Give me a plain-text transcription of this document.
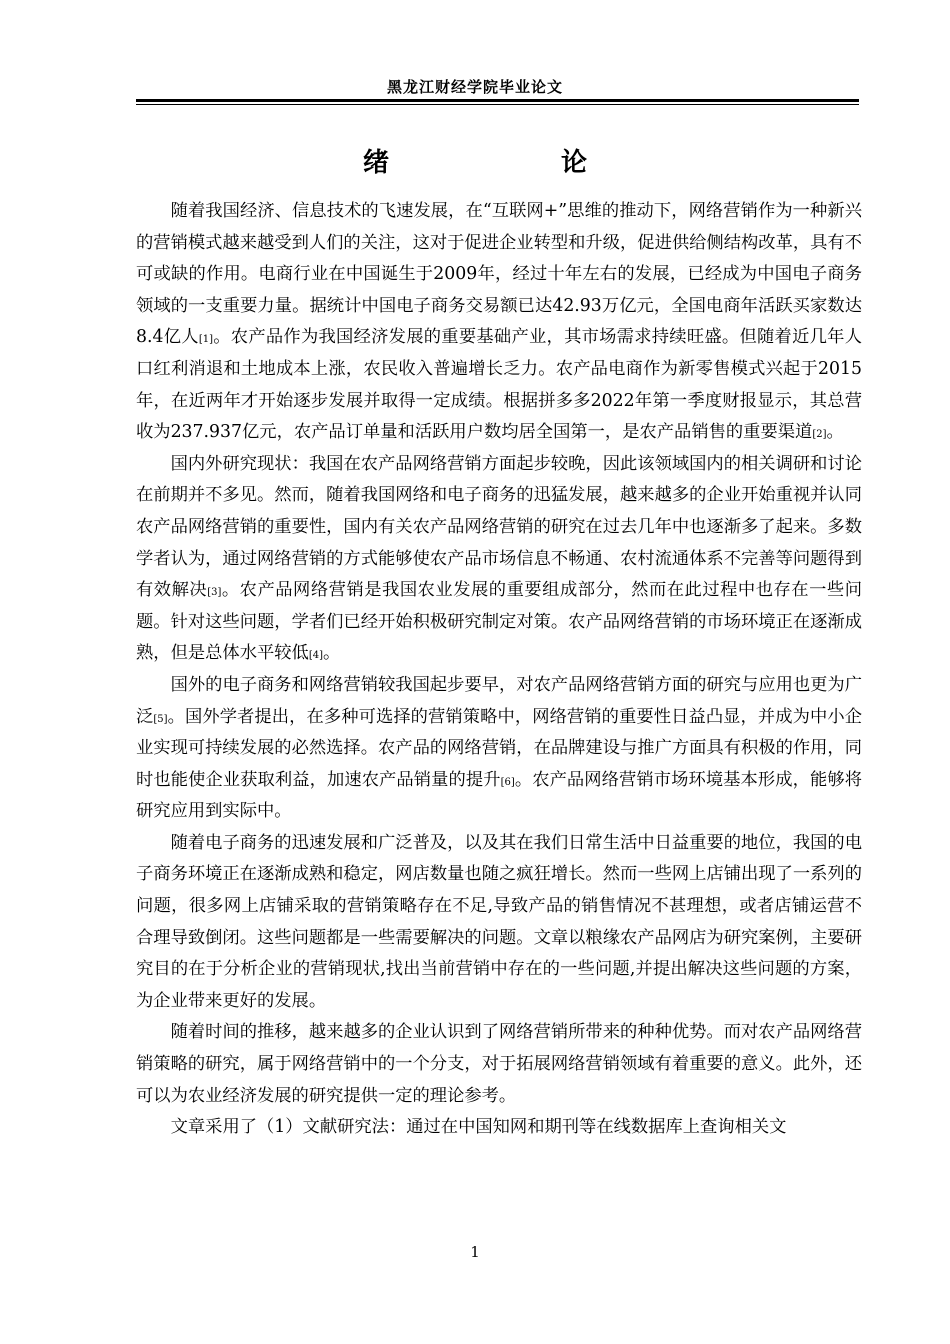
黑龙江财经学院毕业论文
绪　　论

随着我国经济、信息技术的飞速发展，在“互联网+”思维的推动下，网络营销作为一种新兴的营销模式越来越受到人们的关注，这对于促进企业转型和升级，促进供给侧结构改革，具有不可或缺的作用。电商行业在中国诞生于2009年，经过十年左右的发展，已经成为中国电子商务领域的一支重要力量。据统计中国电子商务交易额已达42.93万亿元，全国电商年活跃买家数达8.4亿人[1]。农产品作为我国经济发展的重要基础产业，其市场需求持续旺盛。但随着近几年人口红利消退和土地成本上涨，农民收入普遍增长乏力。农产品电商作为新零售模式兴起于2015年，在近两年才开始逐步发展并取得一定成绩。根据拼多多2022年第一季度财报显示，其总营收为237.937亿元，农产品订单量和活跃用户数均居全国第一，是农产品销售的重要渠道[2]。

国内外研究现状：我国在农产品网络营销方面起步较晚，因此该领域国内的相关调研和讨论在前期并不多见。然而，随着我国网络和电子商务的迅猛发展，越来越多的企业开始重视并认同农产品网络营销的重要性，国内有关农产品网络营销的研究在过去几年中也逐渐多了起来。多数学者认为，通过网络营销的方式能够使农产品市场信息不畅通、农村流通体系不完善等问题得到有效解决[3]。农产品网络营销是我国农业发展的重要组成部分，然而在此过程中也存在一些问题。针对这些问题，学者们已经开始积极研究制定对策。农产品网络营销的市场环境正在逐渐成熟，但是总体水平较低[4]。

国外的电子商务和网络营销较我国起步要早，对农产品网络营销方面的研究与应用也更为广泛[5]。国外学者提出，在多种可选择的营销策略中，网络营销的重要性日益凸显，并成为中小企业实现可持续发展的必然选择。农产品的网络营销，在品牌建设与推广方面具有积极的作用，同时也能使企业获取利益，加速农产品销量的提升[6]。农产品网络营销市场环境基本形成，能够将研究应用到实际中。

随着电子商务的迅速发展和广泛普及，以及其在我们日常生活中日益重要的地位，我国的电子商务环境正在逐渐成熟和稳定，网店数量也随之疯狂增长。然而一些网上店铺出现了一系列的问题，很多网上店铺采取的营销策略存在不足,导致产品的销售情况不甚理想，或者店铺运营不合理导致倒闭。这些问题都是一些需要解决的问题。文章以粮缘农产品网店为研究案例，主要研究目的在于分析企业的营销现状,找出当前营销中存在的一些问题,并提出解决这些问题的方案，为企业带来更好的发展。

随着时间的推移，越来越多的企业认识到了网络营销所带来的种种优势。而对农产品网络营销策略的研究，属于网络营销中的一个分支，对于拓展网络营销领域有着重要的意义。此外，还可以为农业经济发展的研究提供一定的理论参考。

文章采用了（1）文献研究法：通过在中国知网和期刊等在线数据库上查询相关文

1
